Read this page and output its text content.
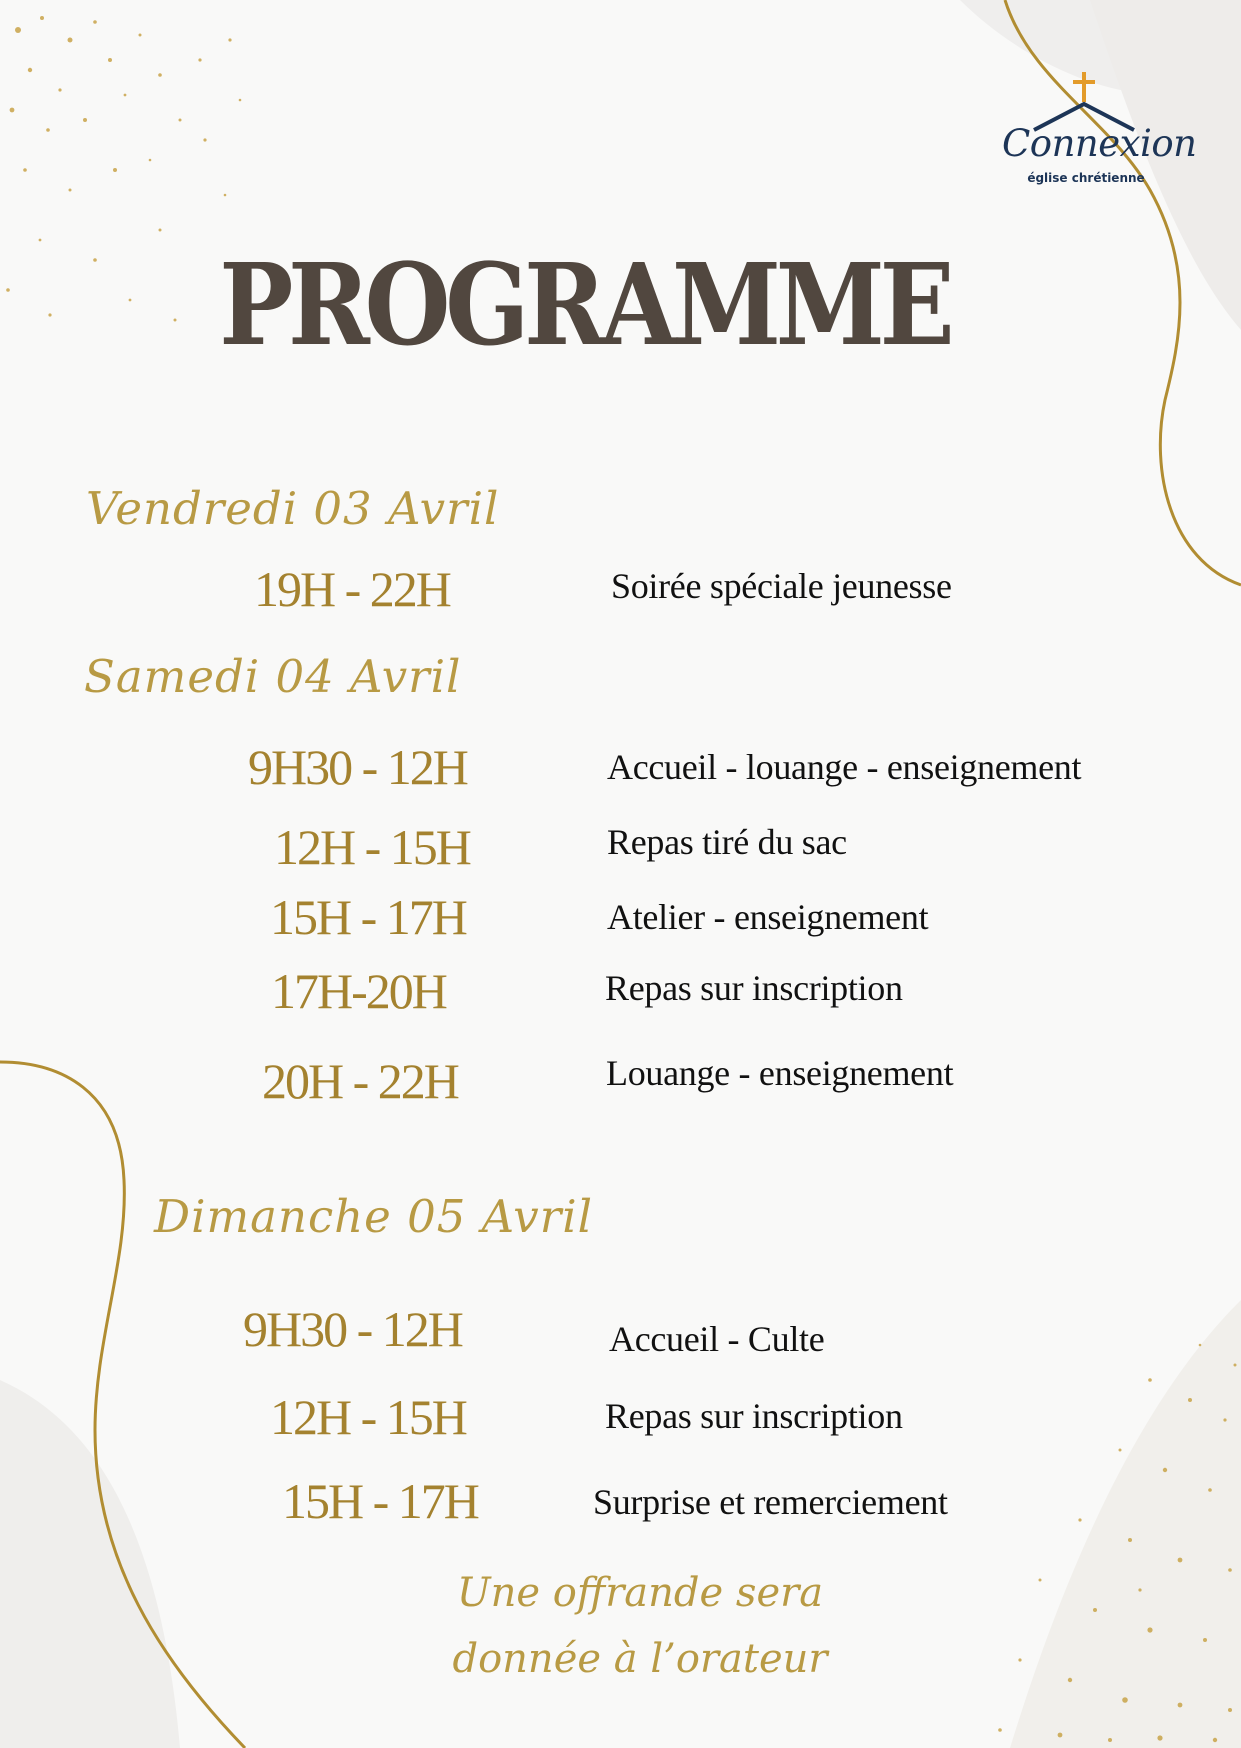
Connexion
église chrétienne
PROGRAMME
Vendredi 03 Avril
19H - 22H	Soirée spéciale jeunesse
Samedi 04 Avril
9H30 - 12H	Accueil - louange - enseignement
12H - 15H	Repas tiré du sac
15H - 17H	Atelier - enseignement
17H-20H	Repas sur inscription
20H - 22H	Louange - enseignement
Dimanche 05 Avril
9H30 - 12H	Accueil - Culte
12H - 15H	Repas sur inscription
15H - 17H	Surprise et remerciement
Une offrande sera
donnée à l’orateur
